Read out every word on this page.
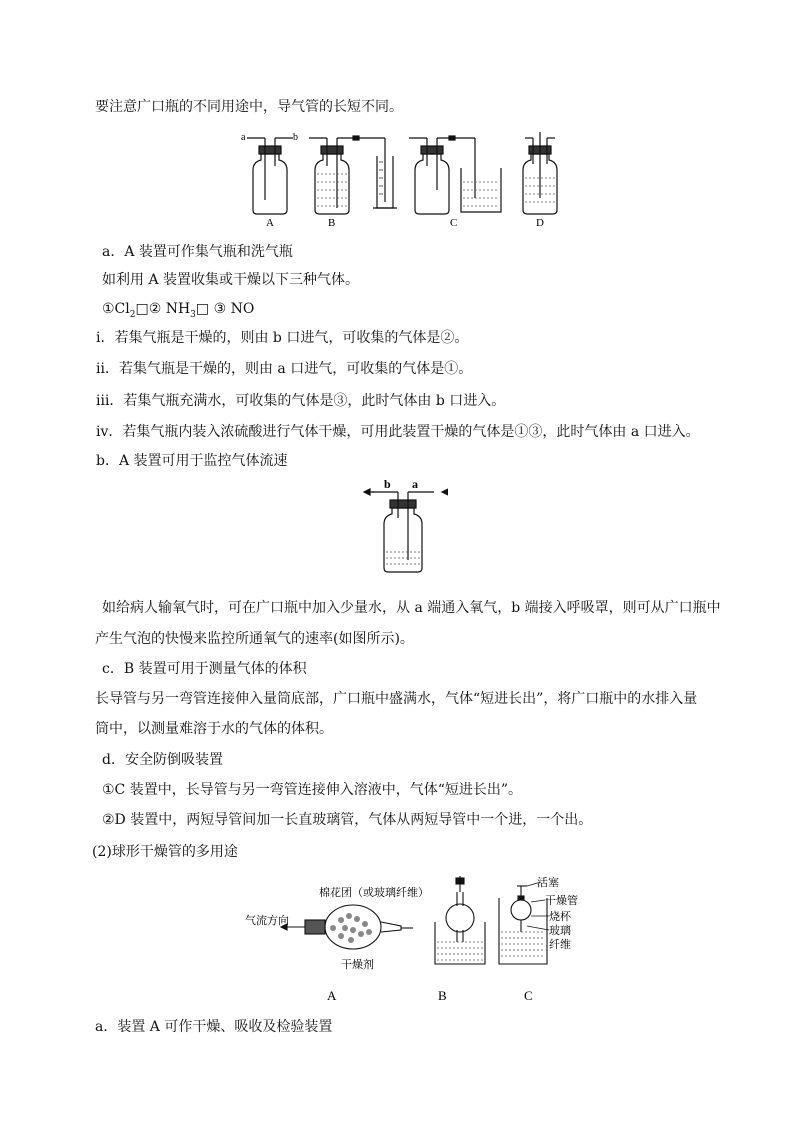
要注意广口瓶的不同用途中，导气管的长短不同。
a	b
A	B	C	D
a．A 装置可作集气瓶和洗气瓶
如利用 A 装置收集或干燥以下三种气体。
$①Cl_2□②$ $NH_3□$ ③ NO
ⅰ．若集气瓶是干燥的，则由 b 口进气，可收集的气体是②。
ⅱ．若集气瓶是干燥的，则由 a 口进气，可收集的气体是①。
ⅲ．若集气瓶充满水，可收集的气体是③，此时气体由 b 口进入。
ⅳ．若集气瓶内装入浓硫酸进行气体干燥，可用此装置干燥的气体是①③，此时气体由 a 口进入。
b．A 装置可用于监控气体流速
b a
如给病人输氧气时，可在广口瓶中加入少量水，从 a 端通入氧气，b 端接入呼吸罩，则可从广口瓶中
产生气泡的快慢来监控所通氧气的速率(如图所示)。
c．B 装置可用于测量气体的体积
长导管与另一弯管连接伸入量筒底部，广口瓶中盛满水，气体“短进长出”，将广口瓶中的水排入量
筒中，以测量难溶于水的气体的体积。
d．安全防倒吸装置
①C 装置中，长导管与另一弯管连接伸入溶液中，气体“短进长出”。
②D 装置中，两短导管间加一长直玻璃管，气体从两短导管中一个进，一个出。
(2)球形干燥管的多用途
棉花团（或玻璃纤维）
气流方向
干燥剂
活塞
干燥管
烧杯
玻璃
纤维
A	B	C
a．装置 A 可作干燥、吸收及检验装置
